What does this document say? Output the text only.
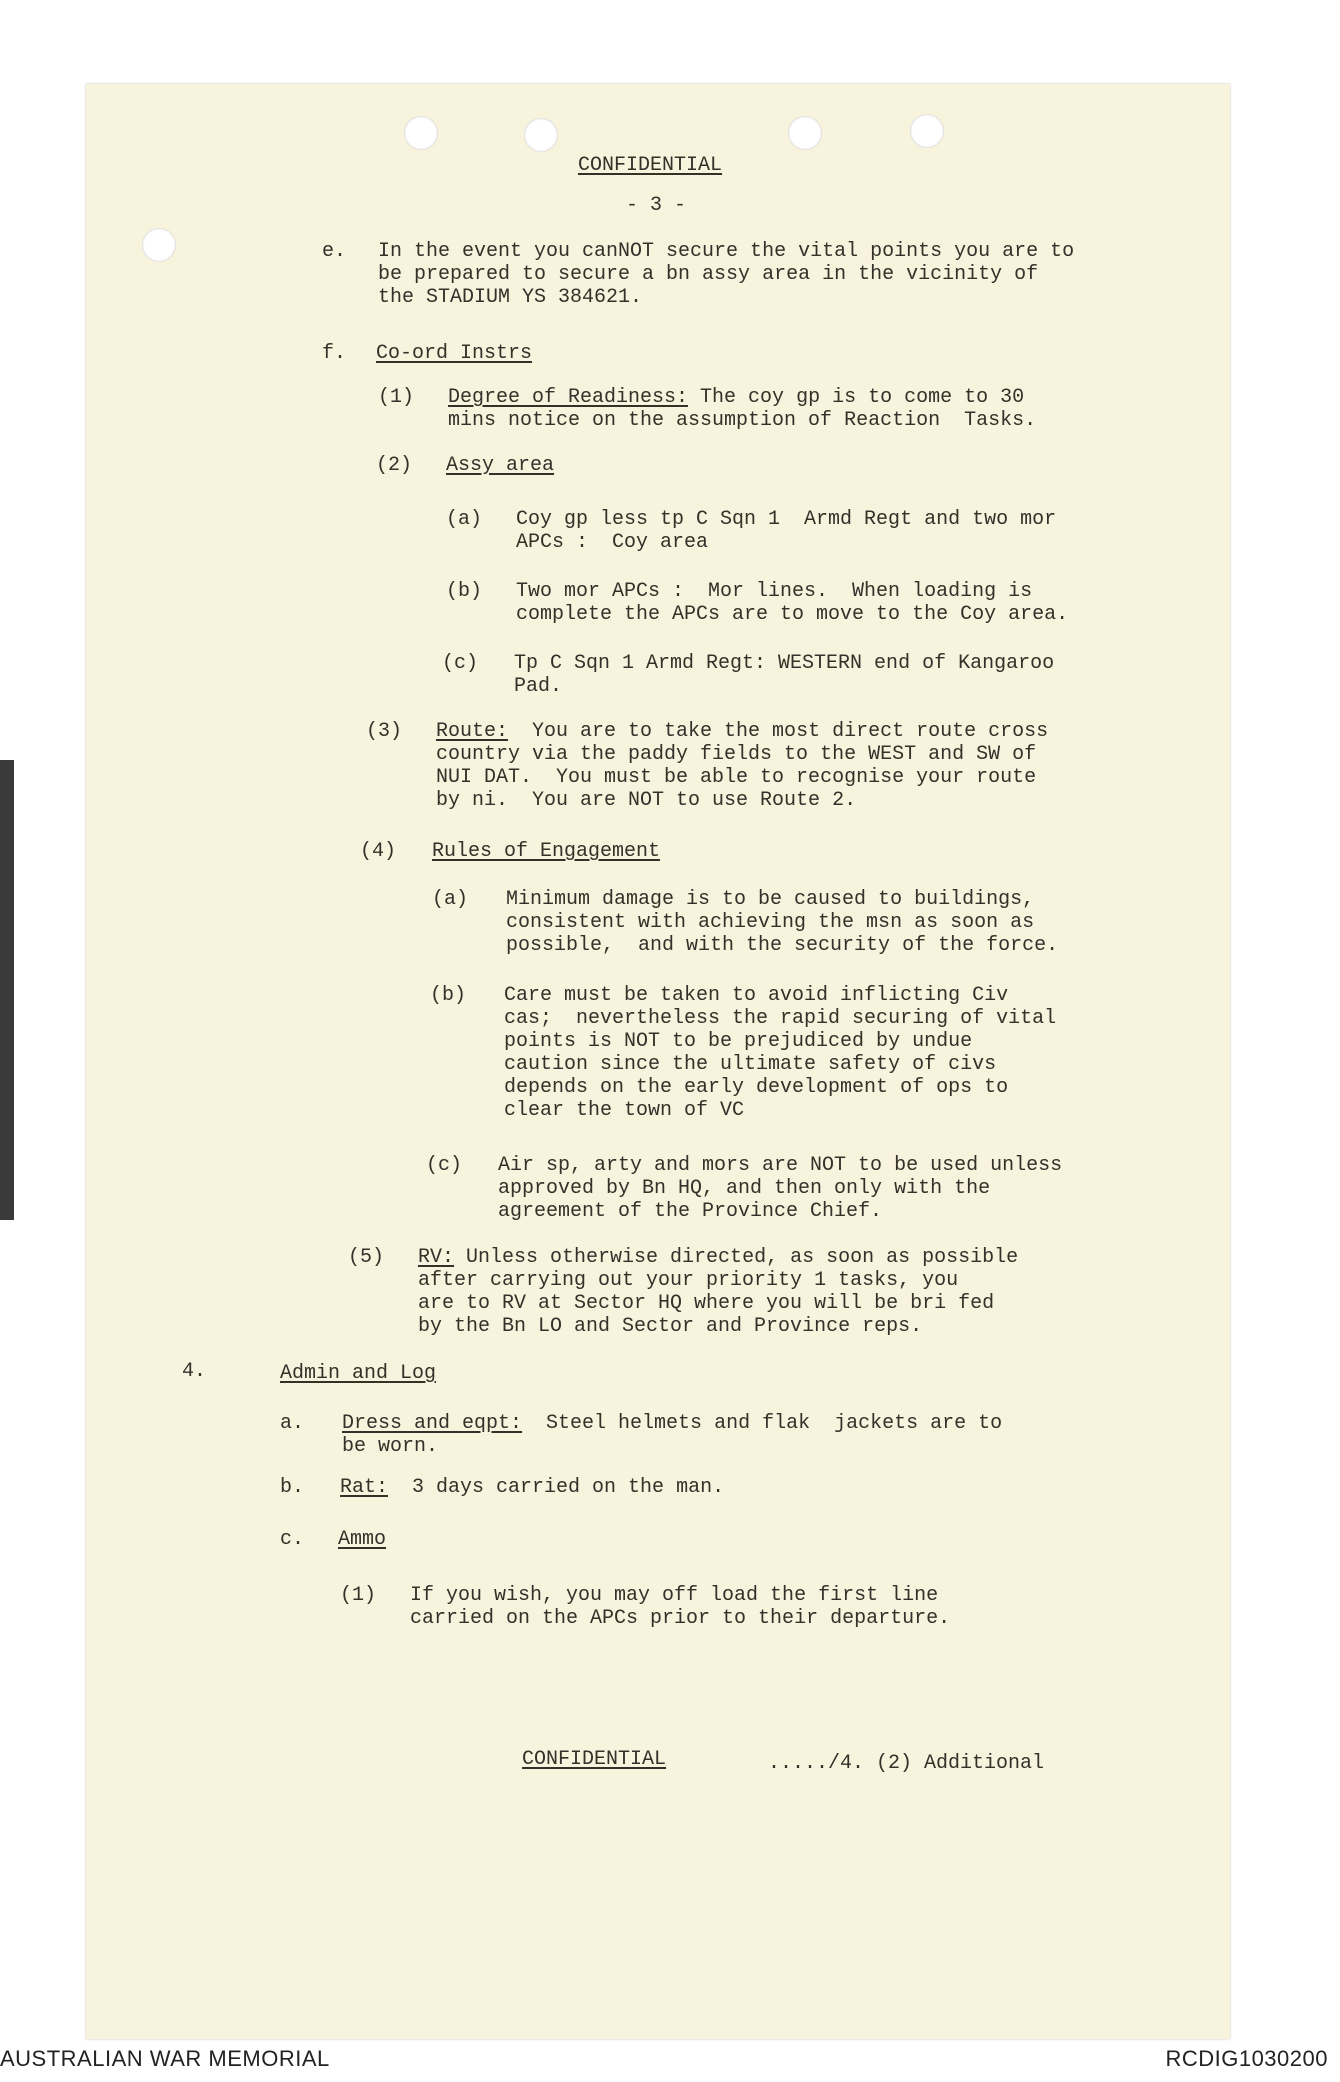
CONFIDENTIAL
- 3 -
e. In the event you canNOT secure the vital points you are to
be prepared to secure a bn assy area in the vicinity of
the STADIUM YS 384621.
f. Co-ord Instrs
(1) Degree of Readiness: The coy gp is to come to 30
mins notice on the assumption of Reaction  Tasks.
(2) Assy area
(a) Coy gp less tp C Sqn 1  Armd Regt and two mor
APCs :  Coy area
(b) Two mor APCs :  Mor lines.  When loading is
complete the APCs are to move to the Coy area.
(c) Tp C Sqn 1 Armd Regt: WESTERN end of Kangaroo
Pad.
(3) Route:  You are to take the most direct route cross
country via the paddy fields to the WEST and SW of
NUI DAT.  You must be able to recognise your route
by ni.  You are NOT to use Route 2.
(4) Rules of Engagement
(a) Minimum damage is to be caused to buildings,
consistent with achieving the msn as soon as
possible,  and with the security of the force.
(b) Care must be taken to avoid inflicting Civ
cas;  nevertheless the rapid securing of vital
points is NOT to be prejudiced by undue
caution since the ultimate safety of civs
depends on the early development of ops to
clear the town of VC
(c) Air sp, arty and mors are NOT to be used unless
approved by Bn HQ, and then only with the
agreement of the Province Chief.
(5) RV: Unless otherwise directed, as soon as possible
after carrying out your priority 1 tasks, you
are to RV at Sector HQ where you will be bri fed
by the Bn LO and Sector and Province reps.
4.	Admin and Log
a. Dress and eqpt:  Steel helmets and flak  jackets are to
be worn.
b. Rat:  3 days carried on the man.
c. Ammo
(1) If you wish, you may off load the first line
carried on the APCs prior to their departure.
CONFIDENTIAL	...../4. (2) Additional
AUSTRALIAN WAR MEMORIAL	RCDIG1030200
